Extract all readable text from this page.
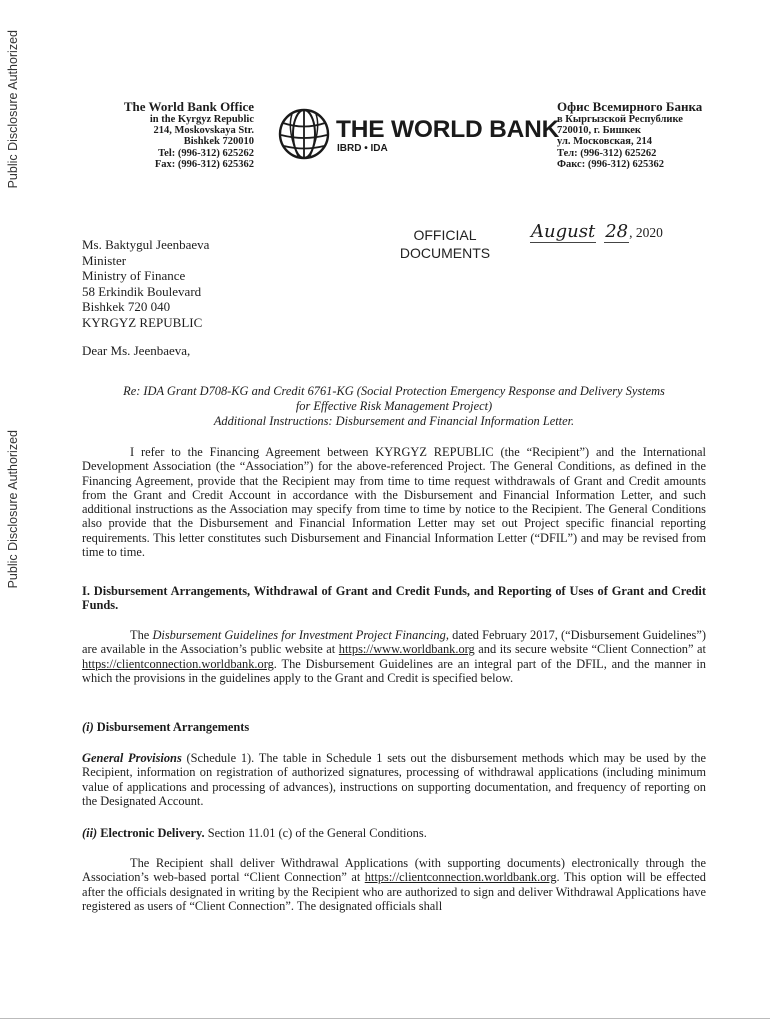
Public Disclosure Authorized
Public Disclosure Authorized
The World Bank Office
in the Kyrgyz Republic
214, Moskovskaya Str.
Bishkek 720010
Tel: (996-312) 625262
Fax: (996-312) 625362
THE WORLD BANK
IBRD • IDA
Офис Всемирного Банка
в Кыргызской Республике
720010, г. Бишкек
ул. Московская, 214
Тел: (996-312) 625262
Факс: (996-312) 625362
OFFICIAL
DOCUMENTS
August 28, 2020
Ms. Baktygul Jeenbaeva
Minister
Ministry of Finance
58 Erkindik Boulevard
Bishkek 720 040
KYRGYZ REPUBLIC
Dear Ms. Jeenbaeva,
Re: IDA Grant D708-KG and Credit 6761-KG (Social Protection Emergency Response and Delivery Systems
for Effective Risk Management Project)
Additional Instructions: Disbursement and Financial Information Letter.

I refer to the Financing Agreement between KYRGYZ REPUBLIC (the “Recipient”) and the International Development Association (the “Association”) for the above-referenced Project. The General Conditions, as defined in the Financing Agreement, provide that the Recipient may from time to time request withdrawals of Grant and Credit amounts from the Grant and Credit Account in accordance with the Disbursement and Financial Information Letter, and such additional instructions as the Association may specify from time to time by notice to the Recipient. The General Conditions also provide that the Disbursement and Financial Information Letter may set out Project specific financial reporting requirements. This letter constitutes such Disbursement and Financial Information Letter (“DFIL”) and may be revised from time to time.

I. Disbursement Arrangements, Withdrawal of Grant and Credit Funds, and Reporting of Uses of Grant and Credit Funds.

The Disbursement Guidelines for Investment Project Financing, dated February 2017, (“Disbursement Guidelines”) are available in the Association’s public website at https://www.worldbank.org and its secure website “Client Connection” at https://clientconnection.worldbank.org. The Disbursement Guidelines are an integral part of the DFIL, and the manner in which the provisions in the guidelines apply to the Grant and Credit is specified below.

(i) Disbursement Arrangements

General Provisions (Schedule 1). The table in Schedule 1 sets out the disbursement methods which may be used by the Recipient, information on registration of authorized signatures, processing of withdrawal applications (including minimum value of applications and processing of advances), instructions on supporting documentation, and frequency of reporting on the Designated Account.

(ii) Electronic Delivery. Section 11.01 (c) of the General Conditions.

The Recipient shall deliver Withdrawal Applications (with supporting documents) electronically through the Association’s web-based portal “Client Connection” at https://clientconnection.worldbank.org. This option will be effected after the officials designated in writing by the Recipient who are authorized to sign and deliver Withdrawal Applications have registered as users of “Client Connection”. The designated officials shall
